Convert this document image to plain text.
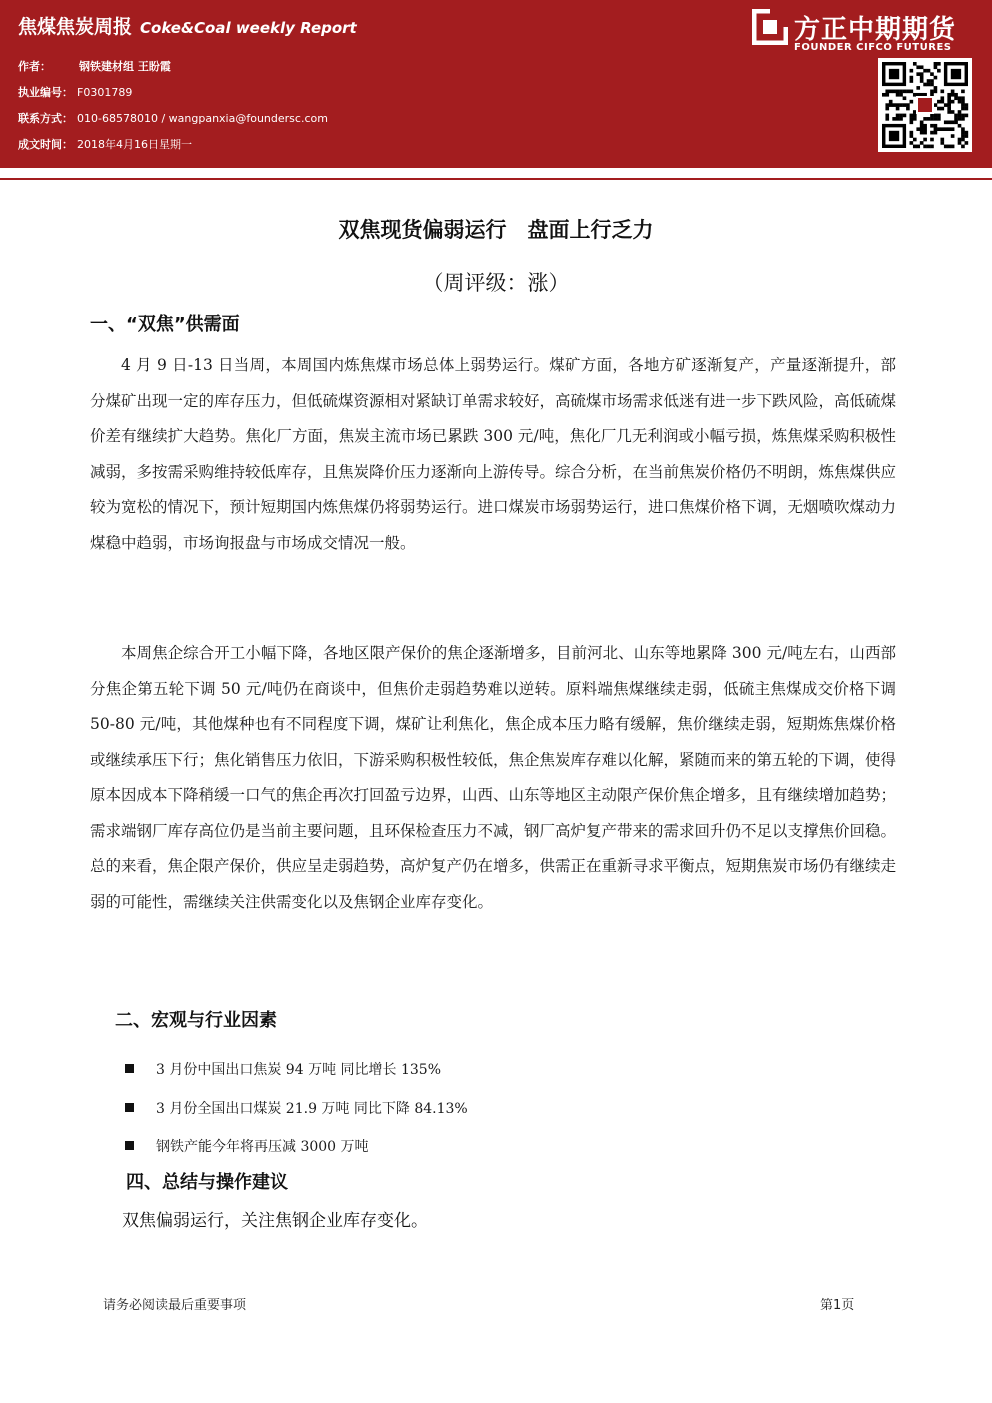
焦煤焦炭周报 Coke&Coal weekly Report
作者：	钢铁建材组 王盼霞
执业编号： F0301789
联系方式： 010-68578010 / wangpanxia@foundersc.com
成文时间： 2018年4月16日星期一
方正中期期货
FOUNDER CIFCO FUTURES
双焦现货偏弱运行　盘面上行乏力
（周评级：涨）
一、“双焦”供需面
4 月 9 日-13 日当周，本周国内炼焦煤市场总体上弱势运行。煤矿方面，各地方矿逐渐复产，产量逐渐提升，部分煤矿出现一定的库存压力，但低硫煤资源相对紧缺订单需求较好，高硫煤市场需求低迷有进一步下跌风险，高低硫煤价差有继续扩大趋势。焦化厂方面，焦炭主流市场已累跌 300 元/吨，焦化厂几无利润或小幅亏损，炼焦煤采购积极性减弱，多按需采购维持较低库存，且焦炭降价压力逐渐向上游传导。综合分析，在当前焦炭价格仍不明朗，炼焦煤供应较为宽松的情况下，预计短期国内炼焦煤仍将弱势运行。进口煤炭市场弱势运行，进口焦煤价格下调，无烟喷吹煤动力煤稳中趋弱，市场询报盘与市场成交情况一般。
本周焦企综合开工小幅下降，各地区限产保价的焦企逐渐增多，目前河北、山东等地累降 300 元/吨左右，山西部分焦企第五轮下调 50 元/吨仍在商谈中，但焦价走弱趋势难以逆转。原料端焦煤继续走弱，低硫主焦煤成交价格下调 50-80 元/吨，其他煤种也有不同程度下调，煤矿让利焦化，焦企成本压力略有缓解，焦价继续走弱，短期炼焦煤价格或继续承压下行；焦化销售压力依旧，下游采购积极性较低，焦企焦炭库存难以化解，紧随而来的第五轮的下调，使得原本因成本下降稍缓一口气的焦企再次打回盈亏边界，山西、山东等地区主动限产保价焦企增多，且有继续增加趋势；需求端钢厂库存高位仍是当前主要问题，且环保检查压力不减，钢厂高炉复产带来的需求回升仍不足以支撑焦价回稳。总的来看，焦企限产保价，供应呈走弱趋势，高炉复产仍在增多，供需正在重新寻求平衡点，短期焦炭市场仍有继续走弱的可能性，需继续关注供需变化以及焦钢企业库存变化。
二、宏观与行业因素
3 月份中国出口焦炭 94 万吨 同比增长 135%
3 月份全国出口煤炭 21.9 万吨 同比下降 84.13%
钢铁产能今年将再压减 3000 万吨
四、总结与操作建议
双焦偏弱运行，关注焦钢企业库存变化。
请务必阅读最后重要事项	第1页
